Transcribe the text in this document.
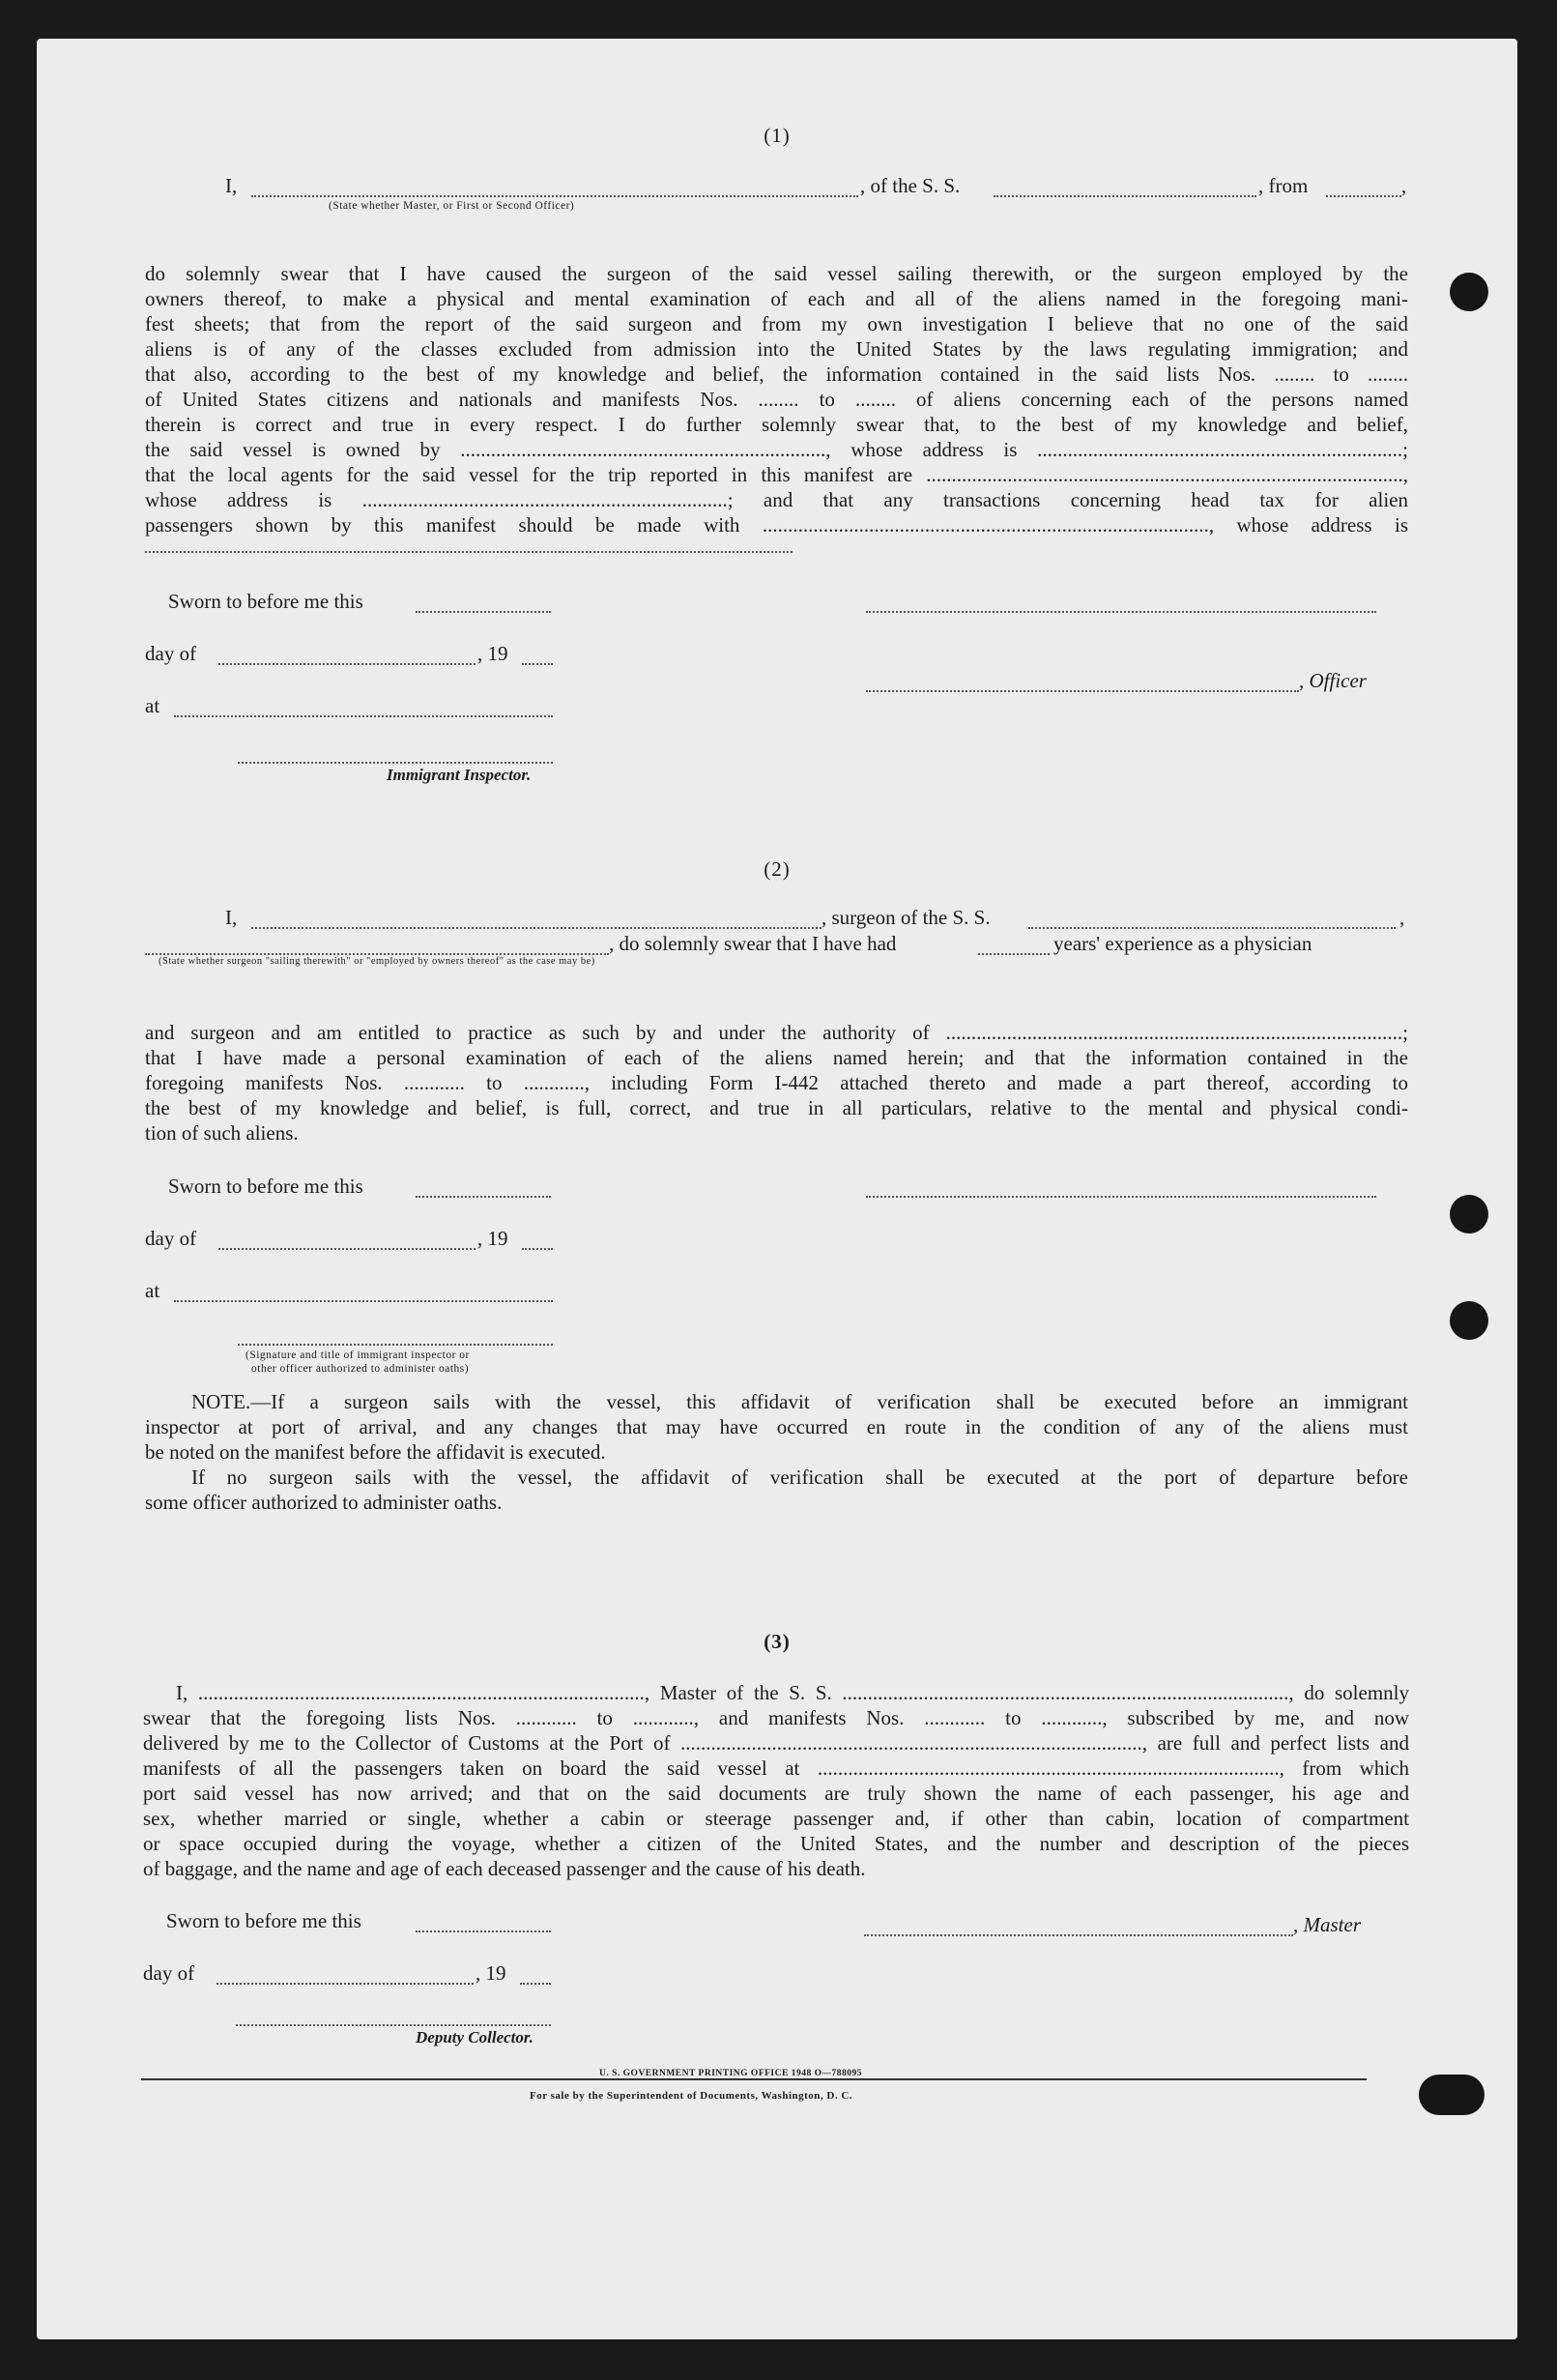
(1)
I,	, of the S. S.	, from	,
(State whether Master, or First or Second Officer)
do solemnly swear that I have caused the surgeon of the said vessel sailing therewith, or the surgeon employed by the
owners thereof, to make a physical and mental examination of each and all of the aliens named in the foregoing mani-
fest sheets; that from the report of the said surgeon and from my own investigation I believe that no one of the said
aliens is of any of the classes excluded from admission into the United States by the laws regulating immigration; and
that also, according to the best of my knowledge and belief, the information contained in the said lists Nos. ........ to ........
of United States citizens and nationals and manifests Nos. ........ to ........ of aliens concerning each of the persons named
therein is correct and true in every respect. I do further solemnly swear that, to the best of my knowledge and belief,
the said vessel is owned by ........................................................................, whose address is ........................................................................;
that the local agents for the said vessel for the trip reported in this manifest are ..............................................................................................,
whose address is ........................................................................; and that any transactions concerning head tax for alien
passengers shown by this manifest should be made with ........................................................................................, whose address is
Sworn to before me this
day of	, 19
, Officer
at
Immigrant Inspector.
(2)
I,	, surgeon of the S. S.	,
, do solemnly swear that I have had	years' experience as a physician
(State whether surgeon "sailing therewith" or "employed by owners thereof" as the case may be)
and surgeon and am entitled to practice as such by and under the authority of ..........................................................................................;
that I have made a personal examination of each of the aliens named herein; and that the information contained in the
foregoing manifests Nos. ............ to ............, including Form I-442 attached thereto and made a part thereof, according to
the best of my knowledge and belief, is full, correct, and true in all particulars, relative to the mental and physical condi-
tion of such aliens.
Sworn to before me this
day of	, 19
at
(Signature and title of immigrant inspector or
other officer authorized to administer oaths)
NOTE.—If a surgeon sails with the vessel, this affidavit of verification shall be executed before an immigrant
inspector at port of arrival, and any changes that may have occurred en route in the condition of any of the aliens must
be noted on the manifest before the affidavit is executed.
If no surgeon sails with the vessel, the affidavit of verification shall be executed at the port of departure before
some officer authorized to administer oaths.
(3)
I, ........................................................................................, Master of the S. S. ........................................................................................, do solemnly
swear that the foregoing lists Nos. ............ to ............, and manifests Nos. ............ to ............, subscribed by me, and now
delivered by me to the Collector of Customs at the Port of ..........................................................................................., are full and perfect lists and
manifests of all the passengers taken on board the said vessel at ..........................................................................................., from which
port said vessel has now arrived; and that on the said documents are truly shown the name of each passenger, his age and
sex, whether married or single, whether a cabin or steerage passenger and, if other than cabin, location of compartment
or space occupied during the voyage, whether a citizen of the United States, and the number and description of the pieces
of baggage, and the name and age of each deceased passenger and the cause of his death.
Sworn to before me this	, Master
day of	, 19
Deputy Collector.
U. S. GOVERNMENT PRINTING OFFICE 1948 O—788095
For sale by the Superintendent of Documents, Washington, D. C.
